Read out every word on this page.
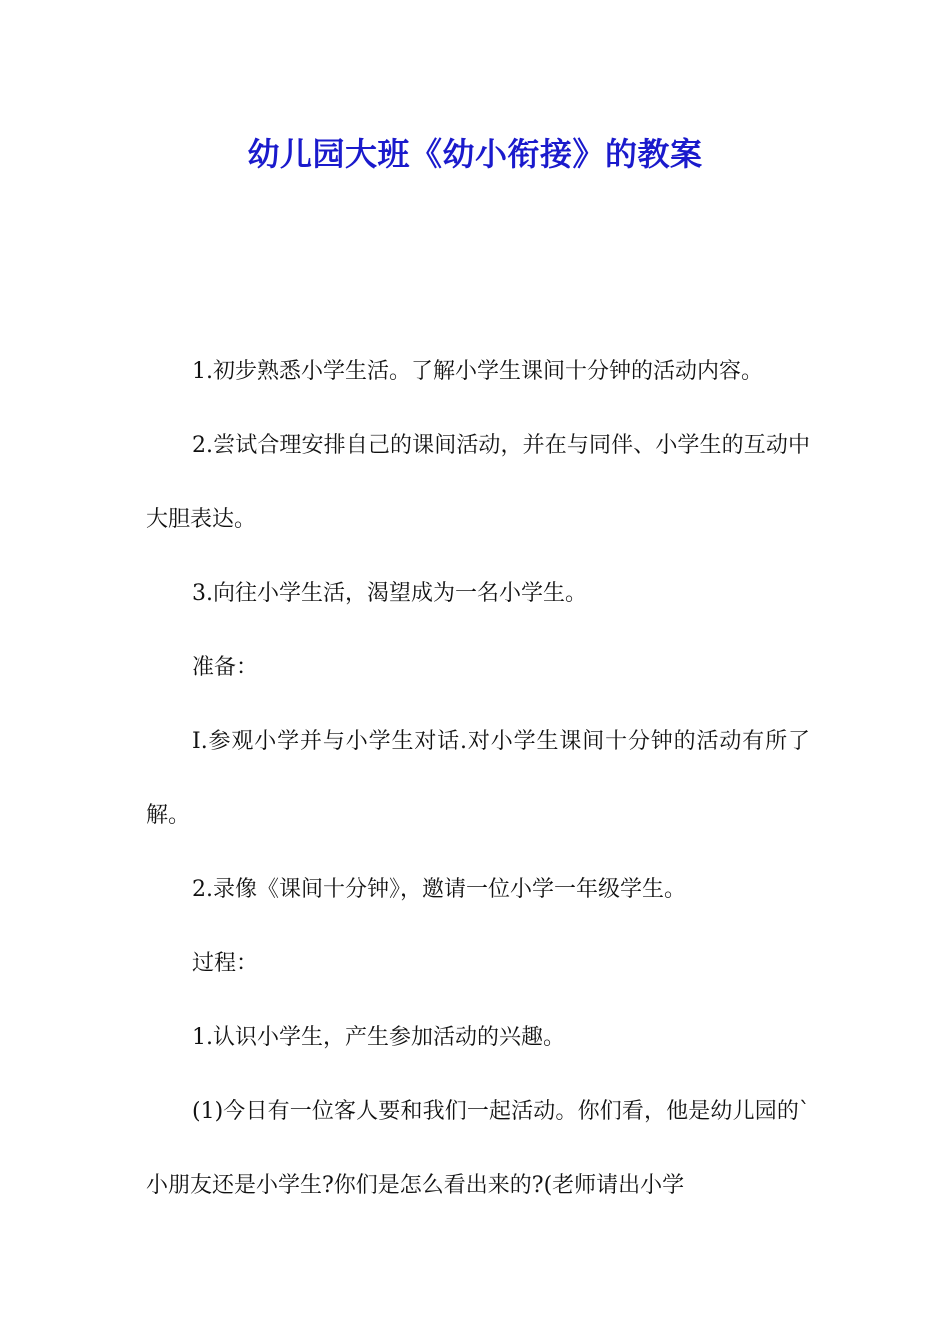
幼儿园大班《幼小衔接》的教案

1.初步熟悉小学生活。了解小学生课间十分钟的活动内容。

2.尝试合理安排自己的课间活动，并在与同伴、小学生的互动中大胆表达。

3.向往小学生活，渴望成为一名小学生。

准备：

I.参观小学并与小学生对话.对小学生课间十分钟的活动有所了解。

2.录像《课间十分钟》，邀请一位小学一年级学生。

过程：

1.认识小学生，产生参加活动的兴趣。

(1)今日有一位客人要和我们一起活动。你们看，他是幼儿园的`小朋友还是小学生?你们是怎么看出来的?(老师请出小学
